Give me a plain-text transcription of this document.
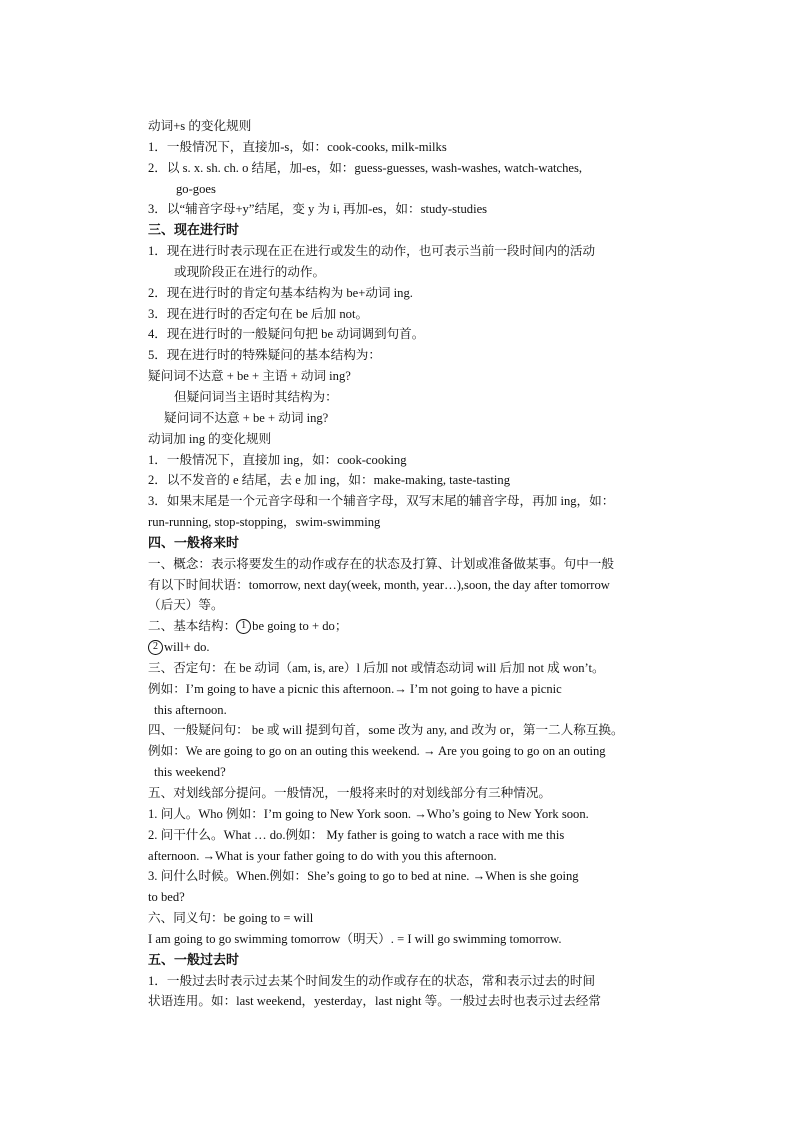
动词+s 的变化规则
1．一般情况下，直接加-s，如：cook-cooks, milk-milks
2．以 s. x. sh. ch. o 结尾，加-es，如：guess-guesses, wash-washes, watch-watches,
go-goes
3．以“辅音字母+y”结尾，变 y 为 i, 再加-es，如：study-studies
三、现在进行时
1．现在进行时表示现在正在进行或发生的动作，也可表示当前一段时间内的活动
或现阶段正在进行的动作。
2．现在进行时的肯定句基本结构为 be+动词 ing.
3．现在进行时的否定句在 be 后加 not。
4．现在进行时的一般疑问句把 be 动词调到句首。
5．现在进行时的特殊疑问的基本结构为：
疑问词不达意 + be + 主语 + 动词 ing?
但疑问词当主语时其结构为：
疑问词不达意 + be + 动词 ing?
动词加 ing 的变化规则
1．一般情况下，直接加 ing，如：cook-cooking
2．以不发音的 e 结尾，去 e 加 ing，如：make-making, taste-tasting
3．如果末尾是一个元音字母和一个辅音字母，双写末尾的辅音字母，再加 ing，如：
run-running, stop-stopping，swim-swimming
四、一般将来时
一、概念：表示将要发生的动作或存在的状态及打算、计划或准备做某事。句中一般
有以下时间状语：tomorrow, next day(week, month, year…),soon, the day after tomorrow
（后天）等。
二、基本结构： 1 be going to + do；
2 will+ do.
三、否定句：在 be 动词（am, is, are）l 后加 not 或情态动词 will 后加 not 成 won’t。
例如：I’m going to have a picnic this afternoon.→ I’m not going to have a picnic
this afternoon.
四、一般疑问句： be 或 will 提到句首，some 改为 any, and 改为 or，第一二人称互换。
例如：We are going to go on an outing this weekend. → Are you going to go on an outing
this weekend?
五、对划线部分提问。一般情况，一般将来时的对划线部分有三种情况。
1. 问人。Who 例如：I’m going to New York soon. →Who’s going to New York soon.
2. 问干什么。What … do.例如： My father is going to watch a race with me this
afternoon. →What is your father going to do with you this afternoon.
3. 问什么时候。When.例如：She’s going to go to bed at nine. →When is she going
to bed?
六、同义句：be going to = will
I am going to go swimming tomorrow（明天）. = I will go swimming tomorrow.
五、一般过去时
1．一般过去时表示过去某个时间发生的动作或存在的状态，常和表示过去的时间
状语连用。如：last weekend，yesterday，last night 等。一般过去时也表示过去经常
